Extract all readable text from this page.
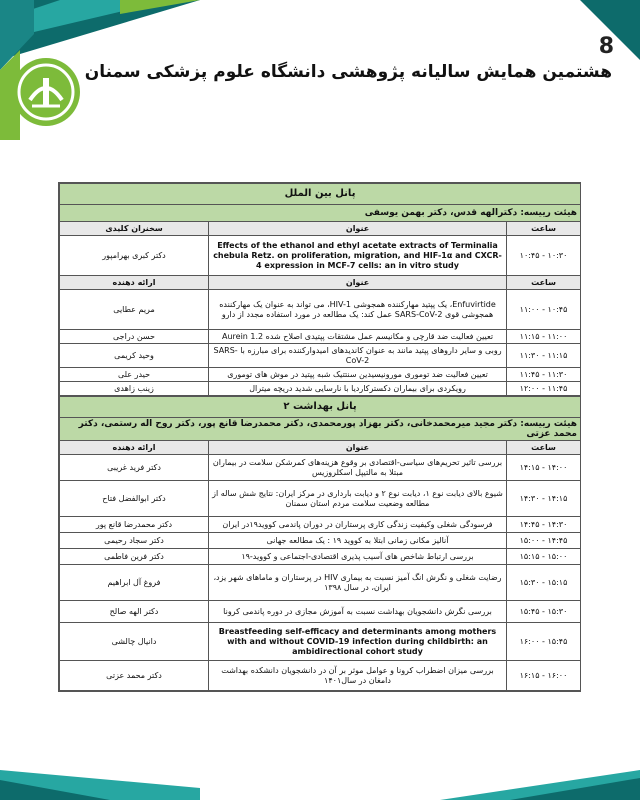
8
هشتمین همایش سالیانه پژوهشی دانشگاه علوم پزشکی سمنان
پانل بین الملل		
هیئت رییسه: دکترالهه قدس، دکتر بهمن یوسفی		
ساعت	عنوان	سخنران کلیدی
۱۰:۳۰ - ۱۰:۴۵	Effects of the ethanol and ethyl acetate extracts of Terminalia chebula Retz. on proliferation, migration, and HIF-1α and CXCR-4 expression in MCF-7 cells: an in vitro study	دکتر کبری بهرامپور
ساعت	عنوان	ارائه دهنده
۱۰:۴۵ - ۱۱:۰۰	Enfuvirtide، یک پپتید مهارکننده همجوشی HIV-1، می تواند به عنوان یک مهارکننده همجوشی قوی SARS-CoV-2 عمل کند: یک مطالعه در مورد استفاده مجدد از دارو	مریم عطایی
۱۱:۰۰ - ۱۱:۱۵	تعیین فعالیت ضد قارچی و مکانیسم عمل مشتقات پپتیدی اصلاح شده Aurein 1.2	حسن دراجی
۱۱:۱۵ - ۱۱:۳۰	روبی و سایر داروهای پپتید مانند به عنوان کاندیدهای امیدوارکننده برای مبارزه با SARS-CoV-2	وحید کریمی
۱۱:۳۰ - ۱۱:۴۵	تعیین فعالیت ضد توموری مورونیسیدین سنتتیک شبه پپتید در موش های توموری	حیدر علی
۱۱:۴۵ - ۱۲:۰۰	رویکردی برای بیماران دکسترکاردیا با نارسایی شدید دریچه میترال	زینب زاهدی
پانل بهداشت ۲		
هیئت رییسه: دکتر مجید میرمحمدخانی، دکتر بهزاد پورمحمدی، دکتر محمدرضا قانع پور، دکتر روح اله رستمی، دکتر محمد عزتی		
ساعت	عنوان	ارائه دهنده
۱۴:۰۰ - ۱۴:۱۵	بررسی تاثیر تحریم‌های سیاسی-اقتصادی بر وقوع هزینه‌های کمرشکن سلامت در بیماران مبتلا به مالتیپل اسکلروزیس	دکتر فرید غریبی
۱۴:۱۵ - ۱۴:۳۰	شیوع بالای دیابت نوع ۱، دیابت نوع ۲ و دیابت بارداری در مرکز ایران: نتایج شش ساله از مطالعه وضعیت سلامت مردم استان سمنان	دکتر ابوالفضل فتاح
۱۴:۳۰ - ۱۴:۴۵	فرسودگی شغلی وکیفیت زندگی کاری پرستاران در دوران پاندمی کووید۱۹در ایران	دکتر محمدرضا قانع پور
۱۴:۴۵ - ۱۵:۰۰	آنالیز مکانی زمانی ابتلا به کووید ۱۹ : یک مطالعه جهانی	دکتر سجاد رحیمی
۱۵:۰۰ - ۱۵:۱۵	بررسی ارتباط شاخص های آسیب پذیری اقتصادی-اجتماعی و کووید-۱۹	دکتر فرین فاطمی
۱۵:۱۵ - ۱۵:۳۰	رضایت شغلی و نگرش انگ آمیز نسبت به بیماری HIV در پرستاران و ماماهای شهر یزد، ایران، در سال ۱۳۹۸	فروغ آل ابراهیم
۱۵:۳۰ - ۱۵:۴۵	بررسی نگرش دانشجویان بهداشت نسبت به آموزش مجازی در دوره پاندمی کرونا	دکتر الهه صالح
۱۵:۴۵ - ۱۶:۰۰	Breastfeeding self-efficacy and determinants among mothers with and without COVID-19 infection during childbirth: an ambidirectional cohort study	دانیال چالشی
۱۶:۰۰ - ۱۶:۱۵	بررسی میزان اضطراب کرونا و عوامل موثر بر آن در دانشجویان دانشکده بهداشت دامغان در سال۱۴۰۱	دکتر محمد عزتی
